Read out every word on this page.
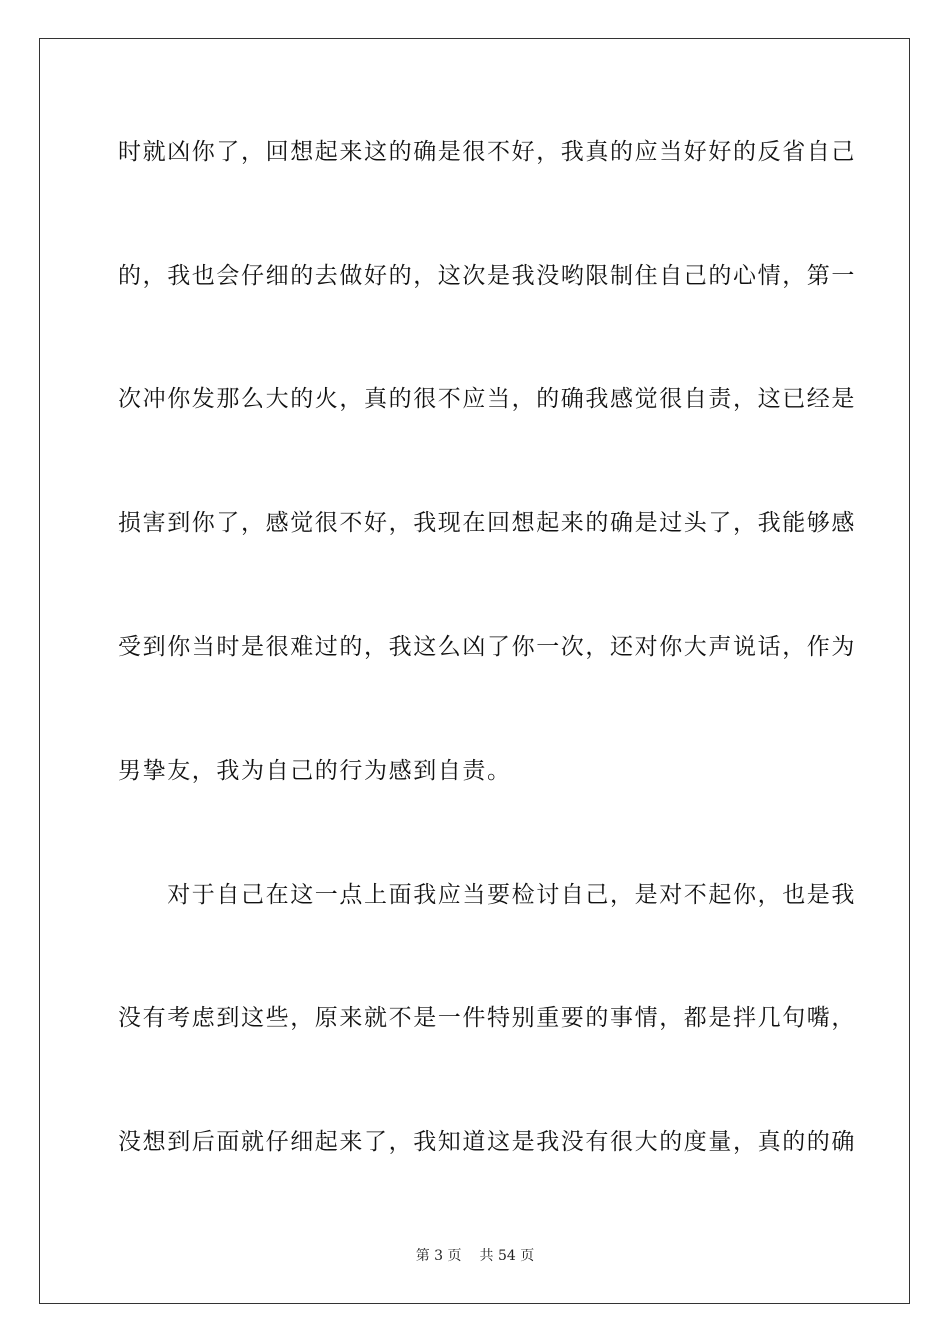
时就凶你了，回想起来这的确是很不好，我真的应当好好的反省自己
的，我也会仔细的去做好的，这次是我没哟限制住自己的心情，第一
次冲你发那么大的火，真的很不应当，的确我感觉很自责，这已经是
损害到你了，感觉很不好，我现在回想起来的确是过头了，我能够感
受到你当时是很难过的，我这么凶了你一次，还对你大声说话，作为
男挚友，我为自己的行为感到自责。
　　对于自己在这一点上面我应当要检讨自己，是对不起你，也是我
没有考虑到这些，原来就不是一件特别重要的事情，都是拌几句嘴，
没想到后面就仔细起来了，我知道这是我没有很大的度量，真的的确
第 3 页 共 54 页
